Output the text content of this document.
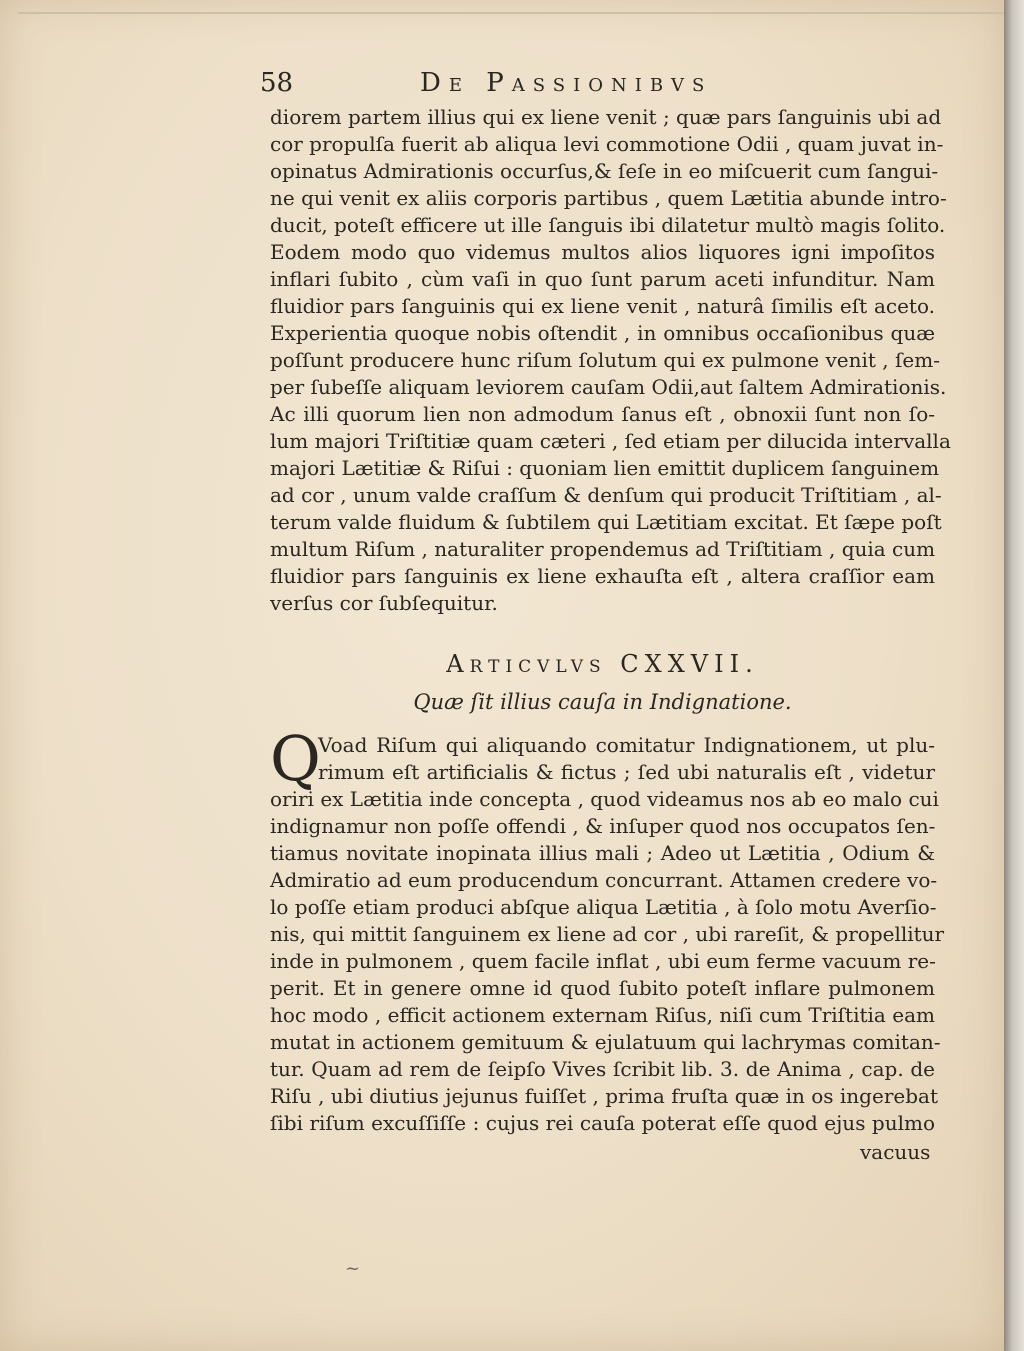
58	De Passionibvs
diorem partem illius qui ex liene venit ; quæ pars ſanguinis ubi ad
cor propulſa fuerit ab aliqua levi commotione Odii , quam juvat in-
opinatus Admirationis occurſus,& ſeſe in eo miſcuerit cum ſangui-
ne qui venit ex aliis corporis partibus , quem Lætitia abunde intro-
ducit, poteſt efficere ut ille ſanguis ibi dilatetur multò magis ſolito.
Eodem modo quo videmus multos alios liquores igni impoſitos
inflari ſubito , cùm vaſi in quo ſunt parum aceti infunditur. Nam
fluidior pars ſanguinis qui ex liene venit , naturâ ſimilis eſt aceto.
Experientia quoque nobis oſtendit , in omnibus occaſionibus quæ
poſſunt producere hunc riſum ſolutum qui ex pulmone venit , ſem-
per ſubeſſe aliquam leviorem cauſam Odii,aut ſaltem Admirationis.
Ac illi quorum lien non admodum ſanus eſt , obnoxii ſunt non ſo-
lum majori Triſtitiæ quam cæteri , ſed etiam per dilucida intervalla
majori Lætitiæ & Riſui : quoniam lien emittit duplicem ſanguinem
ad cor , unum valde craſſum & denſum qui producit Triſtitiam , al-
terum valde fluidum & ſubtilem qui Lætitiam excitat. Et ſæpe poſt
multum Riſum , naturaliter propendemus ad Triſtitiam , quia cum
fluidior pars ſanguinis ex liene exhauſta eſt , altera craſſior eam
verſus cor ſubſequitur.
Articvlvs CXXVII.
Quæ ſit illius cauſa in Indignatione.
Q
Voad Riſum qui aliquando comitatur Indignationem, ut plu-
rimum eſt artificialis & fictus ; ſed ubi naturalis eſt , videtur
oriri ex Lætitia inde concepta , quod videamus nos ab eo malo cui
indignamur non poſſe offendi , & inſuper quod nos occupatos ſen-
tiamus novitate inopinata illius mali ; Adeo ut Lætitia , Odium &
Admiratio ad eum producendum concurrant. Attamen credere vo-
lo poſſe etiam produci abſque aliqua Lætitia , à ſolo motu Averſio-
nis, qui mittit ſanguinem ex liene ad cor , ubi rareſit, & propellitur
inde in pulmonem , quem facile inflat , ubi eum ferme vacuum re-
perit. Et in genere omne id quod ſubito poteſt inflare pulmonem
hoc modo , efficit actionem externam Riſus, niſi cum Triſtitia eam
mutat in actionem gemituum & ejulatuum qui lachrymas comitan-
tur. Quam ad rem de ſeipſo Vives ſcribit lib. 3. de Anima , cap. de
Riſu , ubi diutius jejunus fuiſſet , prima fruſta quæ in os ingerebat
ſibi riſum excuſſiſſe : cujus rei cauſa poterat eſſe quod ejus pulmo
vacuus
~
